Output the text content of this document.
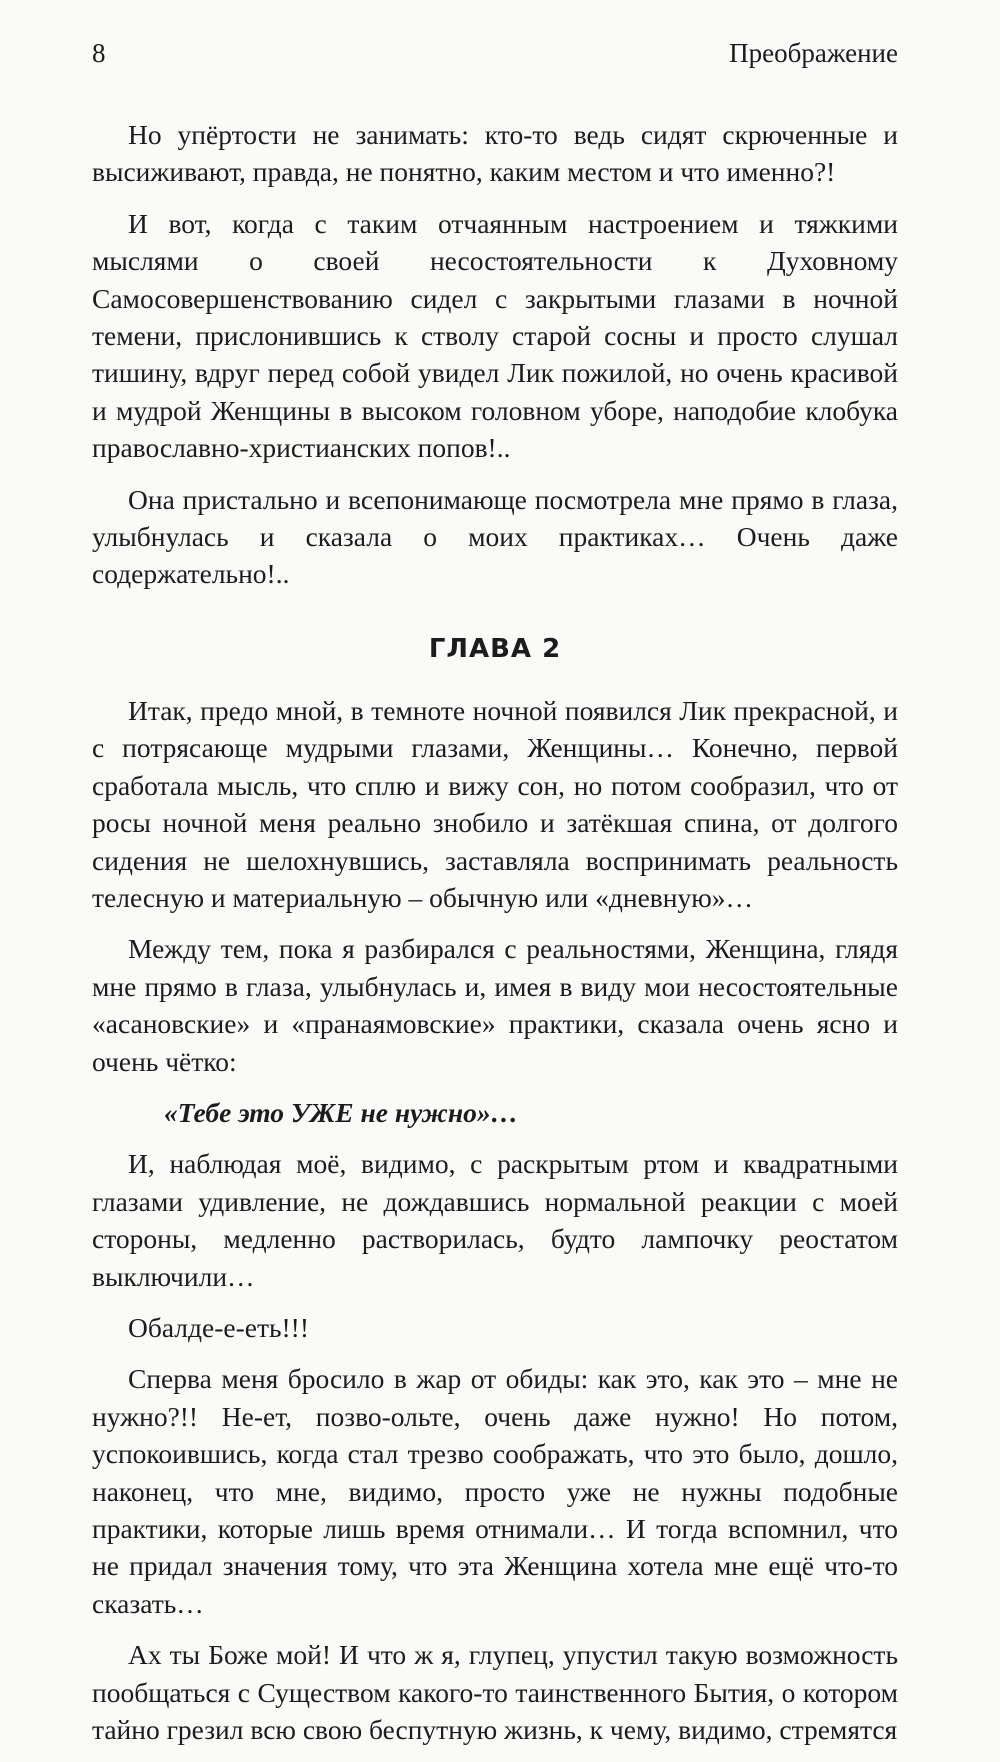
8	Преображение

Но упёртости не занимать: кто-то ведь сидят скрюченные и высиживают, правда, не понятно, каким местом и что именно?!

И вот, когда с таким отчаянным настроением и тяжкими мыслями о своей несостоятельности к Духовному Самосовершенствованию сидел с закрытыми глазами в ночной темени, прислонившись к стволу старой сосны и просто слушал тишину, вдруг перед собой увидел Лик пожилой, но очень красивой и мудрой Женщины в высоком головном уборе, наподобие клобука православно-христианских попов!..

Она пристально и всепонимающе посмотрела мне прямо в глаза, улыбнулась и сказала о моих практиках… Очень даже содержательно!..

ГЛАВА 2

Итак, предо мной, в темноте ночной появился Лик прекрасной, и с потрясающе мудрыми глазами, Женщины… Конечно, первой сработала мысль, что сплю и вижу сон, но потом сообразил, что от росы ночной меня реально знобило и затёкшая спина, от долгого сидения не шелохнувшись, заставляла воспринимать реальность телесную и материальную – обычную или «дневную»…

Между тем, пока я разбирался с реальностями, Женщина, глядя мне прямо в глаза, улыбнулась и, имея в виду мои несостоятельные «асановские» и «пранаямовские» практики, сказала очень ясно и очень чётко:

«Тебе это УЖЕ не нужно»…

И, наблюдая моё, видимо, с раскрытым ртом и квадратными глазами удивление, не дождавшись нормальной реакции с моей стороны, медленно растворилась, будто лампочку реостатом выключили…

Обалде-е-еть!!!

Сперва меня бросило в жар от обиды: как это, как это – мне не нужно?!! Не-ет, позво-ольте, очень даже нужно! Но потом, успокоившись, когда стал трезво соображать, что это было, дошло, наконец, что мне, видимо, просто уже не нужны подобные практики, которые лишь время отнимали… И тогда вспомнил, что не придал значения тому, что эта Женщина хотела мне ещё что-то сказать…

Ах ты Боже мой! И что ж я, глупец, упустил такую возможность пообщаться с Существом какого-то таинственного Бытия, о котором тайно грезил всю свою беспутную жизнь, к чему, видимо, стремятся
